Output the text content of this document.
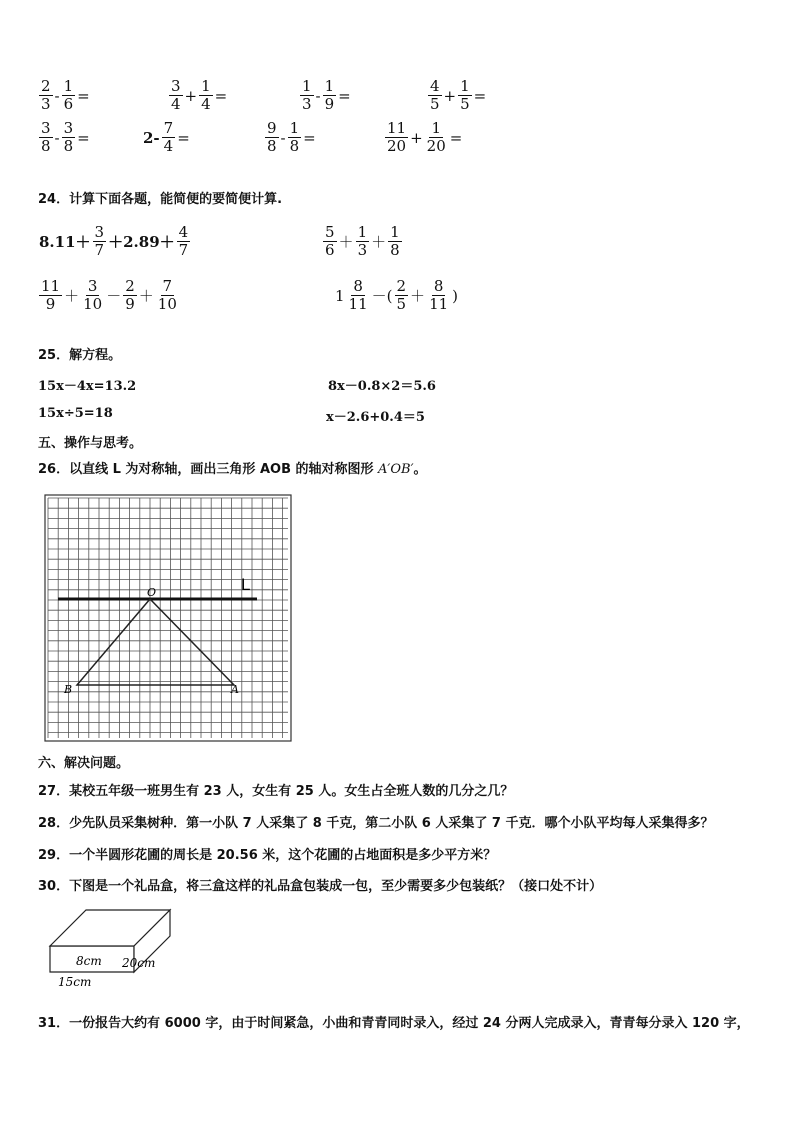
$\frac{2}{3} - \frac{1}{6}$ =	$\frac{3}{4} + \frac{1}{4}$ =	$\frac{1}{3} - \frac{1}{9}$ =	$\frac{4}{5} + \frac{1}{5}$ =
$\frac{3}{8} - \frac{3}{8}$ =	$2- \frac{7}{4}$ =	$\frac{9}{8} - \frac{1}{8}$ =	$\frac{11}{20} + \frac{1}{20}$ =
24．计算下面各题，能简便的要简便计算.
$8.11+ \frac{3}{7} +2.89+ \frac{4}{7}$	$\frac{5}{6} + \frac{1}{3} + \frac{1}{8}$
$\frac{11}{9} + \frac{3}{10} - \frac{2}{9} + \frac{7}{10}$	$1 \frac{8}{11}$ －( $\frac{2}{5} + \frac{8}{11}$ )
25．解方程。
15x－4x=13.2	8x－0.8×2＝5.6
15x÷5=18	x－2.6+0.4＝5
五、操作与思考。
26．以直线 L 为对称轴，画出三角形 AOB 的轴对称图形 A′OB′。
L
O
B	A
六、解决问题。
27．某校五年级一班男生有 23 人，女生有 25 人。女生占全班人数的几分之几？
28．少先队员采集树种．第一小队 7 人采集了 8 千克，第二小队 6 人采集了 7 千克．哪个小队平均每人采集得多？
29．一个半圆形花圃的周长是 20.56 米，这个花圃的占地面积是多少平方米？
30．下图是一个礼品盒，将三盒这样的礼品盒包装成一包，至少需要多少包装纸？（接口处不计）
8cm 20cm
15cm
31．一份报告大约有 6000 字，由于时间紧急，小曲和青青同时录入，经过 24 分两人完成录入，青青每分录入 120 字，
